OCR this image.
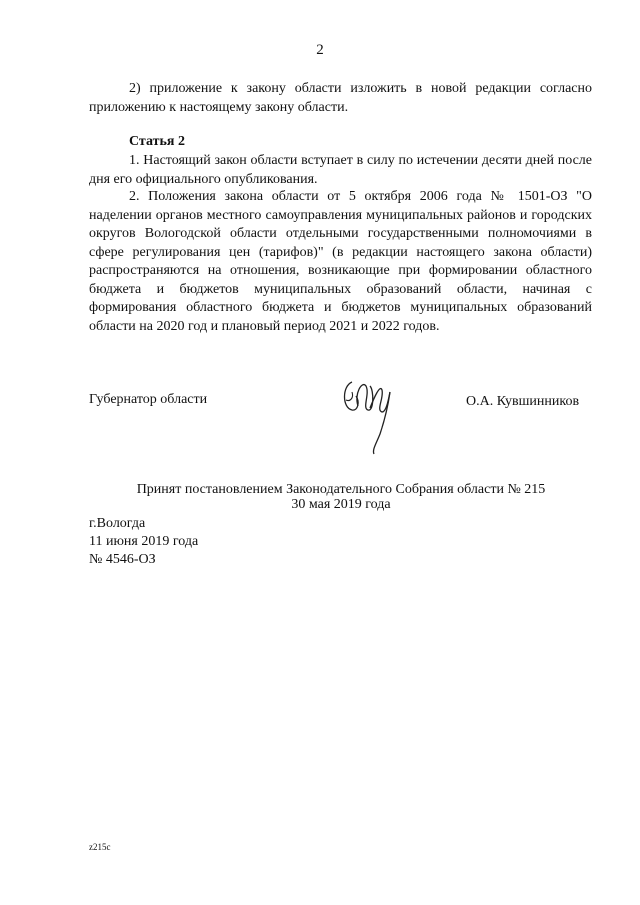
2
2) приложение к закону области изложить в новой редакции согласно приложению к настоящему закону области.
Статья 2
1. Настоящий закон области вступает в силу по истечении десяти дней после дня его официального опубликования.
2. Положения закона области от 5 октября 2006 года № 1501-ОЗ "О наделении органов местного самоуправления муниципальных районов и городских округов Вологодской области отдельными государственными полномочиями в сфере регулирования цен (тарифов)" (в редакции настоящего закона области) распространяются на отношения, возникающие при формировании областного бюджета и бюджетов муниципальных образований области, начиная с формирования областного бюджета и бюджетов муниципальных образований области на 2020 год и плановый период 2021 и 2022 годов.
Губернатор области	О.А. Кувшинников
Принят постановлением Законодательного Собрания области № 215
30 мая 2019 года
г.Вологда
11 июня 2019 года
№ 4546-ОЗ
z215c
